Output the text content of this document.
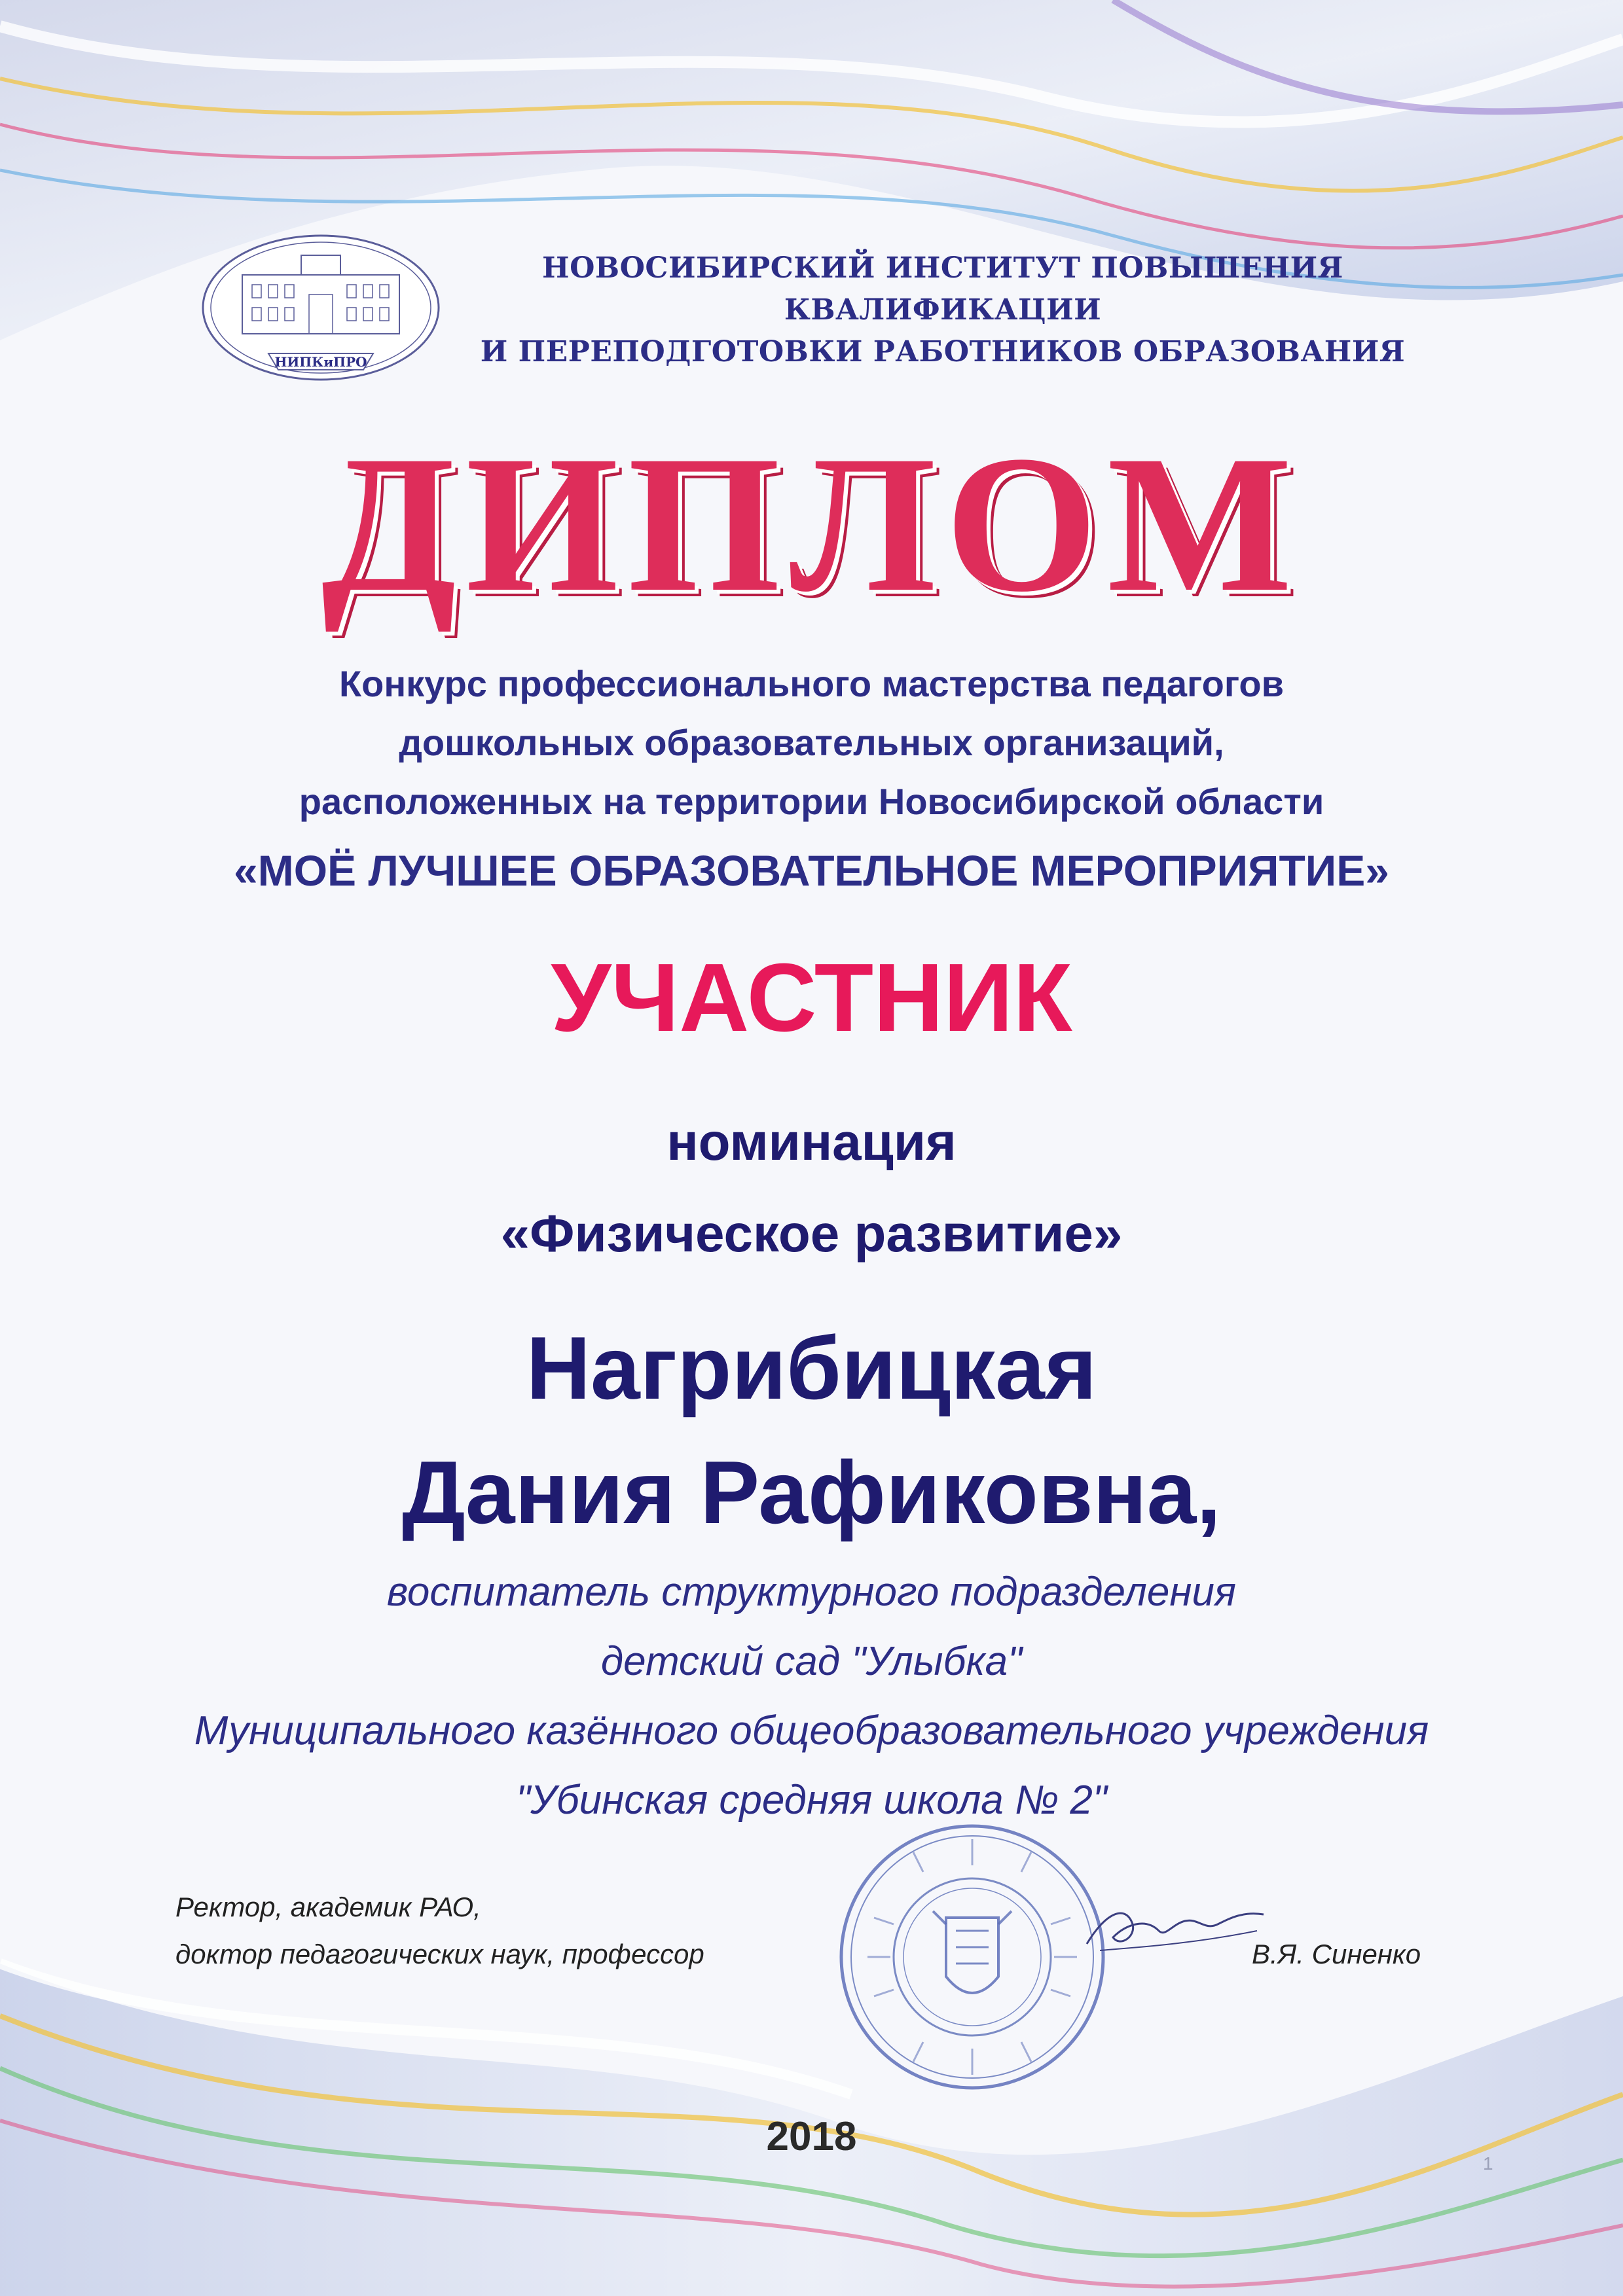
НИПКиПРО
НОВОСИБИРСКИЙ ИНСТИТУТ ПОВЫШЕНИЯ КВАЛИФИКАЦИИ
И ПЕРЕПОДГОТОВКИ РАБОТНИКОВ ОБРАЗОВАНИЯ
ДИПЛОМ
Конкурс профессионального мастерства педагогов
дошкольных образовательных организаций,
расположенных на территории Новосибирской области
«МОЁ ЛУЧШЕЕ ОБРАЗОВАТЕЛЬНОЕ МЕРОПРИЯТИЕ»
УЧАСТНИК
номинация
«Физическое развитие»
Нагрибицкая
Дания Рафиковна,
воспитатель структурного подразделения
детский сад "Улыбка"
Муниципального казённого общеобразовательного учреждения
"Убинская средняя школа № 2"
Ректор, академик РАО,
доктор педагогических наук, профессор	В.Я. Синенко
2018
1
